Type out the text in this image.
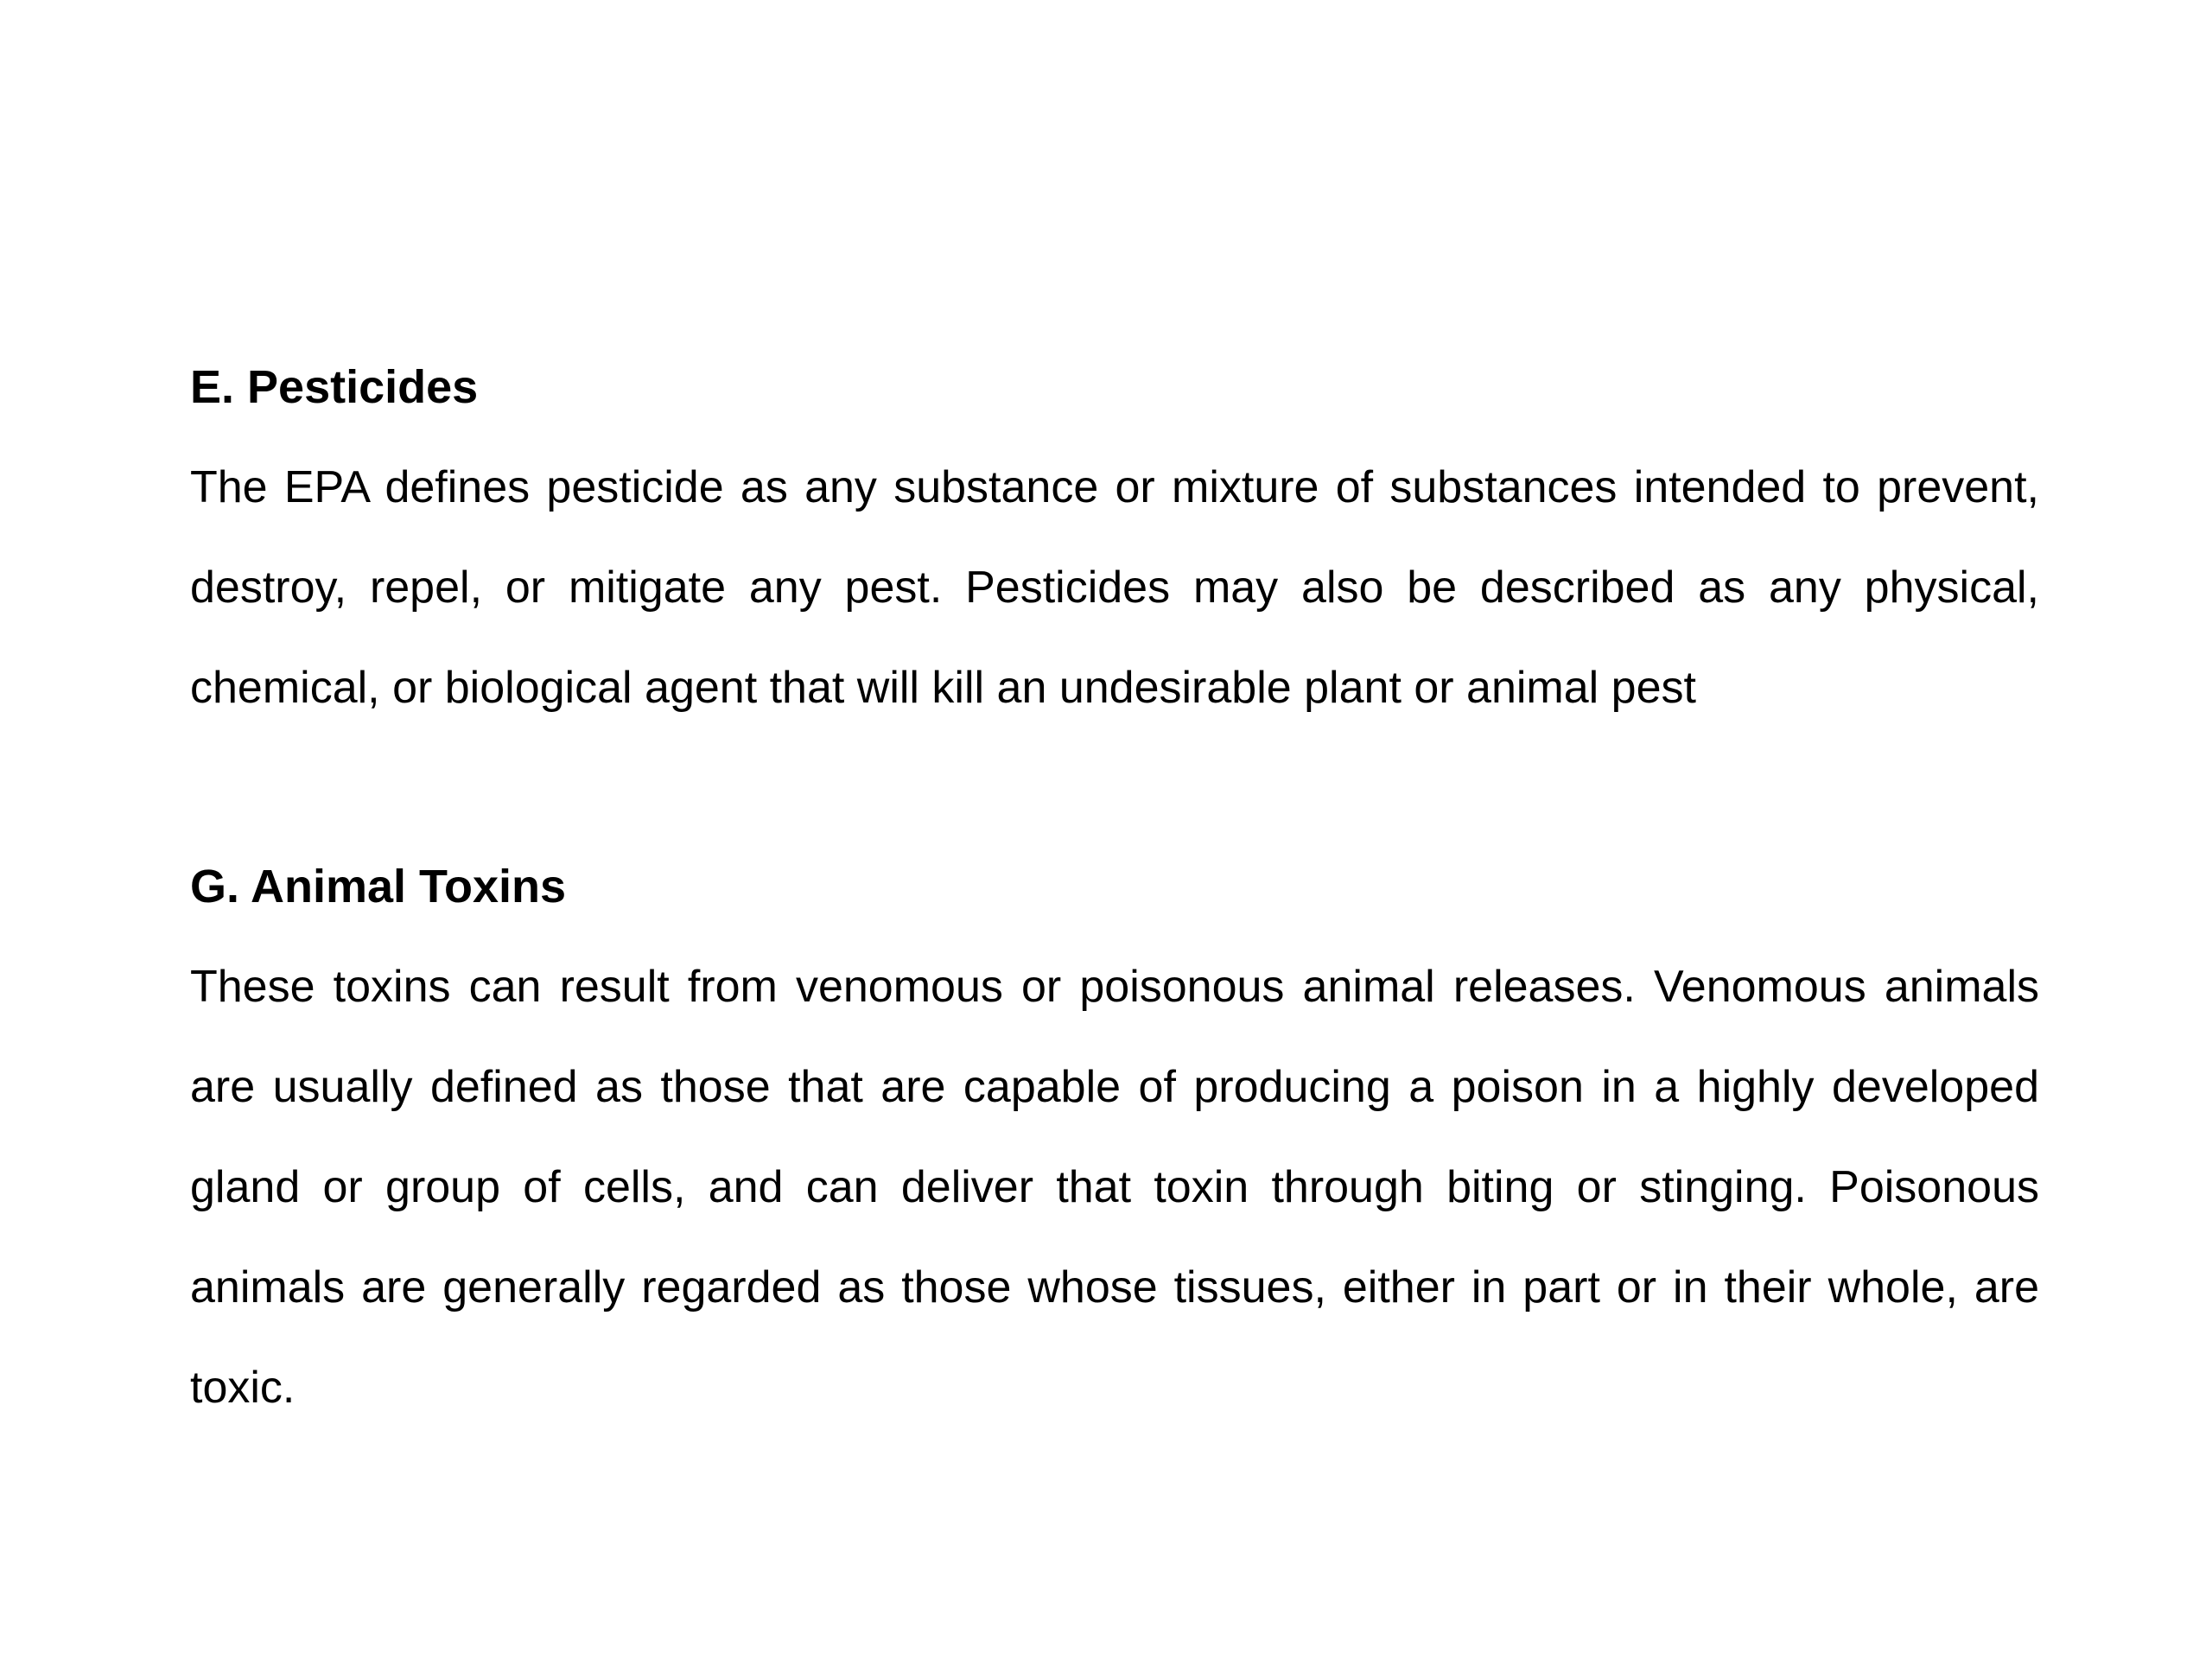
E. Pesticides

The EPA defines pesticide as any substance or mixture of substances intended to prevent, destroy, repel, or mitigate any pest. Pesticides may also be described as any physical, chemical, or biological agent that will kill an undesirable plant or animal pest

G. Animal Toxins

These toxins can result from venomous or poisonous animal releases. Venomous animals are usually defined as those that are capable of producing a poison in a highly developed gland or group of cells, and can deliver that toxin through biting or stinging. Poisonous animals are generally regarded as those whose tissues, either in part or in their whole, are toxic.
